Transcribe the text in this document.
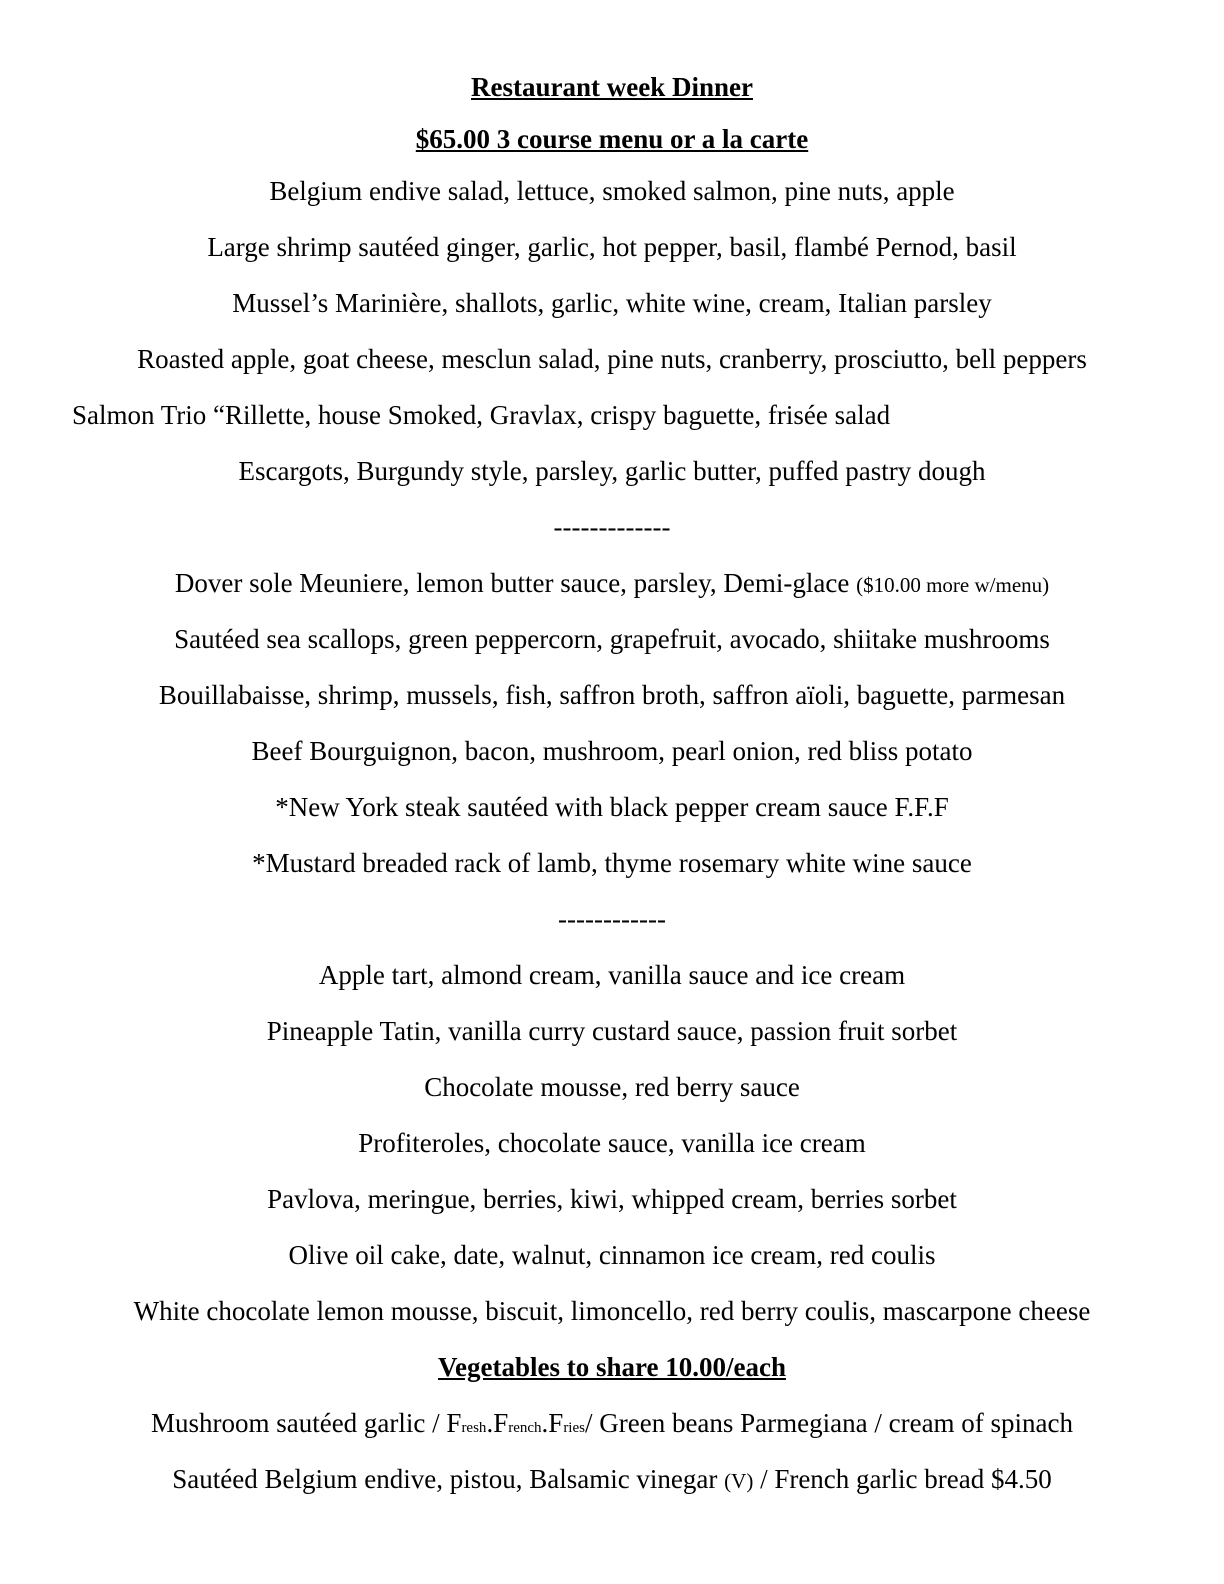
Restaurant week Dinner
$65.00 3 course menu or a la carte
Belgium endive salad, lettuce, smoked salmon, pine nuts, apple
Large shrimp sautéed ginger, garlic, hot pepper, basil, flambé Pernod, basil
Mussel’s Marinière, shallots, garlic, white wine, cream, Italian parsley
Roasted apple, goat cheese, mesclun salad, pine nuts, cranberry, prosciutto, bell peppers
Salmon Trio “Rillette, house Smoked, Gravlax, crispy baguette, frisée salad
Escargots, Burgundy style, parsley, garlic butter, puffed pastry dough
-------------
Dover sole Meuniere, lemon butter sauce, parsley, Demi-glace ($10.00 more w/menu)
Sautéed sea scallops, green peppercorn, grapefruit, avocado, shiitake mushrooms
Bouillabaisse, shrimp, mussels, fish, saffron broth, saffron aïoli, baguette, parmesan
Beef Bourguignon, bacon, mushroom, pearl onion, red bliss potato
*New York steak sautéed with black pepper cream sauce F.F.F
*Mustard breaded rack of lamb, thyme rosemary white wine sauce
------------
Apple tart, almond cream, vanilla sauce and ice cream
Pineapple Tatin, vanilla curry custard sauce, passion fruit sorbet
Chocolate mousse, red berry sauce
Profiteroles, chocolate sauce, vanilla ice cream
Pavlova, meringue, berries, kiwi, whipped cream, berries sorbet
Olive oil cake, date, walnut, cinnamon ice cream, red coulis
White chocolate lemon mousse, biscuit, limoncello, red berry coulis, mascarpone cheese
Vegetables to share 10.00/each
Mushroom sautéed garlic / Fresh.French.Fries/ Green beans Parmegiana / cream of spinach
Sautéed Belgium endive, pistou, Balsamic vinegar (V) / French garlic bread $4.50
